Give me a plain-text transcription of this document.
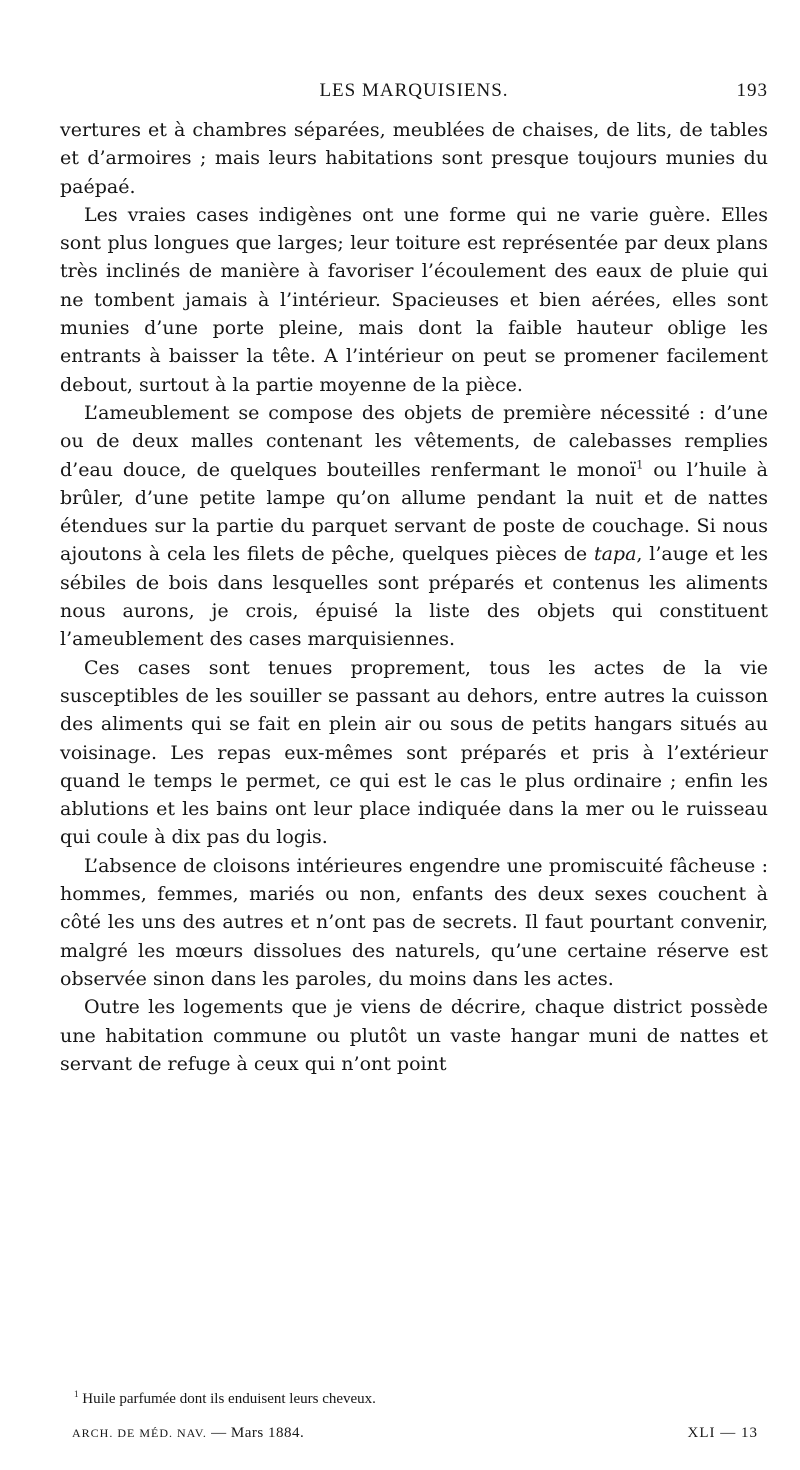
LES MARQUISIENS.	193

vertures et à chambres séparées, meublées de chaises, de lits, de tables et d’armoires ; mais leurs habitations sont presque toujours munies du paépaé.

Les vraies cases indigènes ont une forme qui ne varie guère. Elles sont plus longues que larges; leur toiture est représentée par deux plans très inclinés de manière à favoriser l’écoulement des eaux de pluie qui ne tombent jamais à l’intérieur. Spacieuses et bien aérées, elles sont munies d’une porte pleine, mais dont la faible hauteur oblige les entrants à baisser la tête. A l’intérieur on peut se promener facilement debout, surtout à la partie moyenne de la pièce.

L’ameublement se compose des objets de première nécessité : d’une ou de deux malles contenant les vêtements, de calebasses remplies d’eau douce, de quelques bouteilles renfermant le monoï$^1$ ou l’huile à brûler, d’une petite lampe qu’on allume pendant la nuit et de nattes étendues sur la partie du parquet servant de poste de couchage. Si nous ajoutons à cela les filets de pêche, quelques pièces de tapa, l’auge et les sébiles de bois dans lesquelles sont préparés et contenus les aliments nous aurons, je crois, épuisé la liste des objets qui constituent l’ameublement des cases marquisiennes.

Ces cases sont tenues proprement, tous les actes de la vie susceptibles de les souiller se passant au dehors, entre autres la cuisson des aliments qui se fait en plein air ou sous de petits hangars situés au voisinage. Les repas eux-mêmes sont préparés et pris à l’extérieur quand le temps le permet, ce qui est le cas le plus ordinaire ; enfin les ablutions et les bains ont leur place indiquée dans la mer ou le ruisseau qui coule à dix pas du logis.

L’absence de cloisons intérieures engendre une promiscuité fâcheuse : hommes, femmes, mariés ou non, enfants des deux sexes couchent à côté les uns des autres et n’ont pas de secrets. Il faut pourtant convenir, malgré les mœurs dissolues des naturels, qu’une certaine réserve est observée sinon dans les paroles, du moins dans les actes.

Outre les logements que je viens de décrire, chaque district possède une habitation commune ou plutôt un vaste hangar muni de nattes et servant de refuge à ceux qui n’ont point

$^1$ Huile parfumée dont ils enduisent leurs cheveux.
ARCH. DE MÉD. NAV. — Mars 1884.	XLI — 13
